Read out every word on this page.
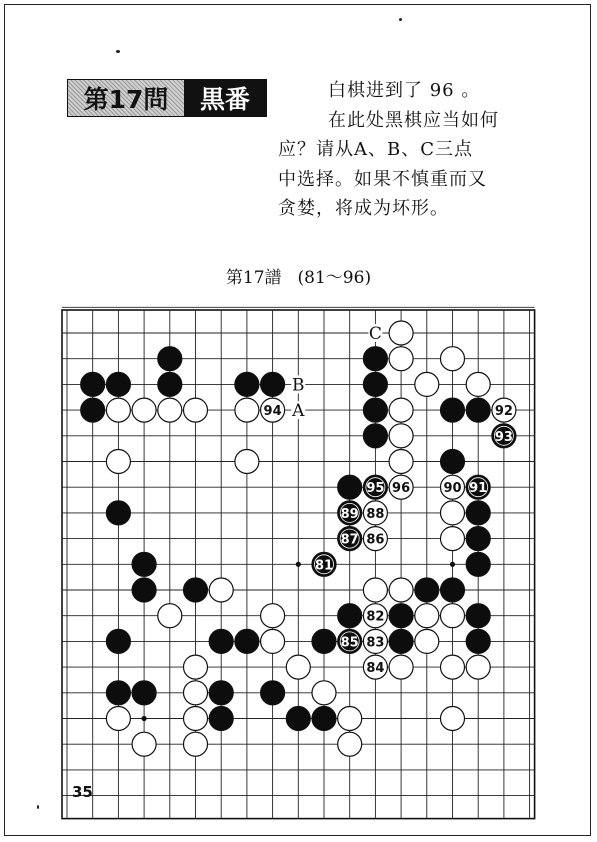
第17問	黒番	白棋进到了 96 。

在此处黑棋应当如何

应？请从A、B、C三点

中选择。如果不慎重而又

贪婪，将成为坏形。

第17譜 (81～96)
94	92
93
95 96	90 91
89 88
87 86
81
82
85 83
84
C
B
A
35
